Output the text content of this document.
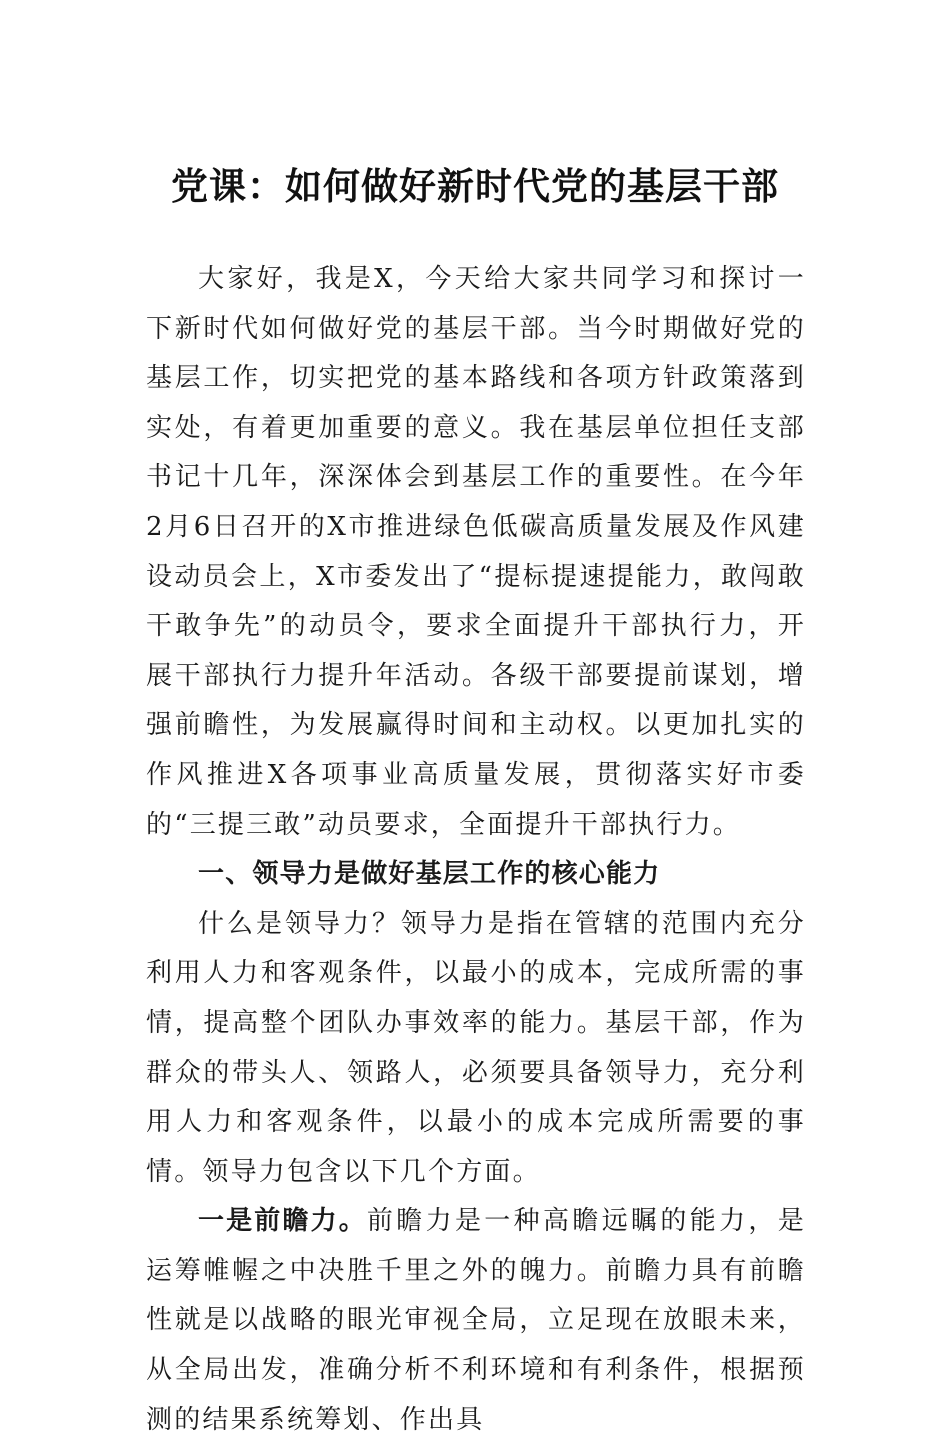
党课：如何做好新时代党的基层干部

大家好，我是X，今天给大家共同学习和探讨一下新时代如何做好党的基层干部。当今时期做好党的基层工作，切实把党的基本路线和各项方针政策落到实处，有着更加重要的意义。我在基层单位担任支部书记十几年，深深体会到基层工作的重要性。在今年2月6日召开的X市推进绿色低碳高质量发展及作风建设动员会上，X市委发出了“提标提速提能力，敢闯敢干敢争先”的动员令，要求全面提升干部执行力，开展干部执行力提升年活动。各级干部要提前谋划，增强前瞻性，为发展赢得时间和主动权。以更加扎实的作风推进X各项事业高质量发展，贯彻落实好市委的“三提三敢”动员要求，全面提升干部执行力。

一、领导力是做好基层工作的核心能力

什么是领导力？领导力是指在管辖的范围内充分利用人力和客观条件，以最小的成本，完成所需的事情，提高整个团队办事效率的能力。基层干部，作为群众的带头人、领路人，必须要具备领导力，充分利用人力和客观条件，以最小的成本完成所需要的事情。领导力包含以下几个方面。

一是前瞻力。前瞻力是一种高瞻远瞩的能力，是运筹帷幄之中决胜千里之外的魄力。前瞻力具有前瞻性就是以战略的眼光审视全局，立足现在放眼未来，从全局出发，准确分析不利环境和有利条件，根据预测的结果系统筹划、作出具
